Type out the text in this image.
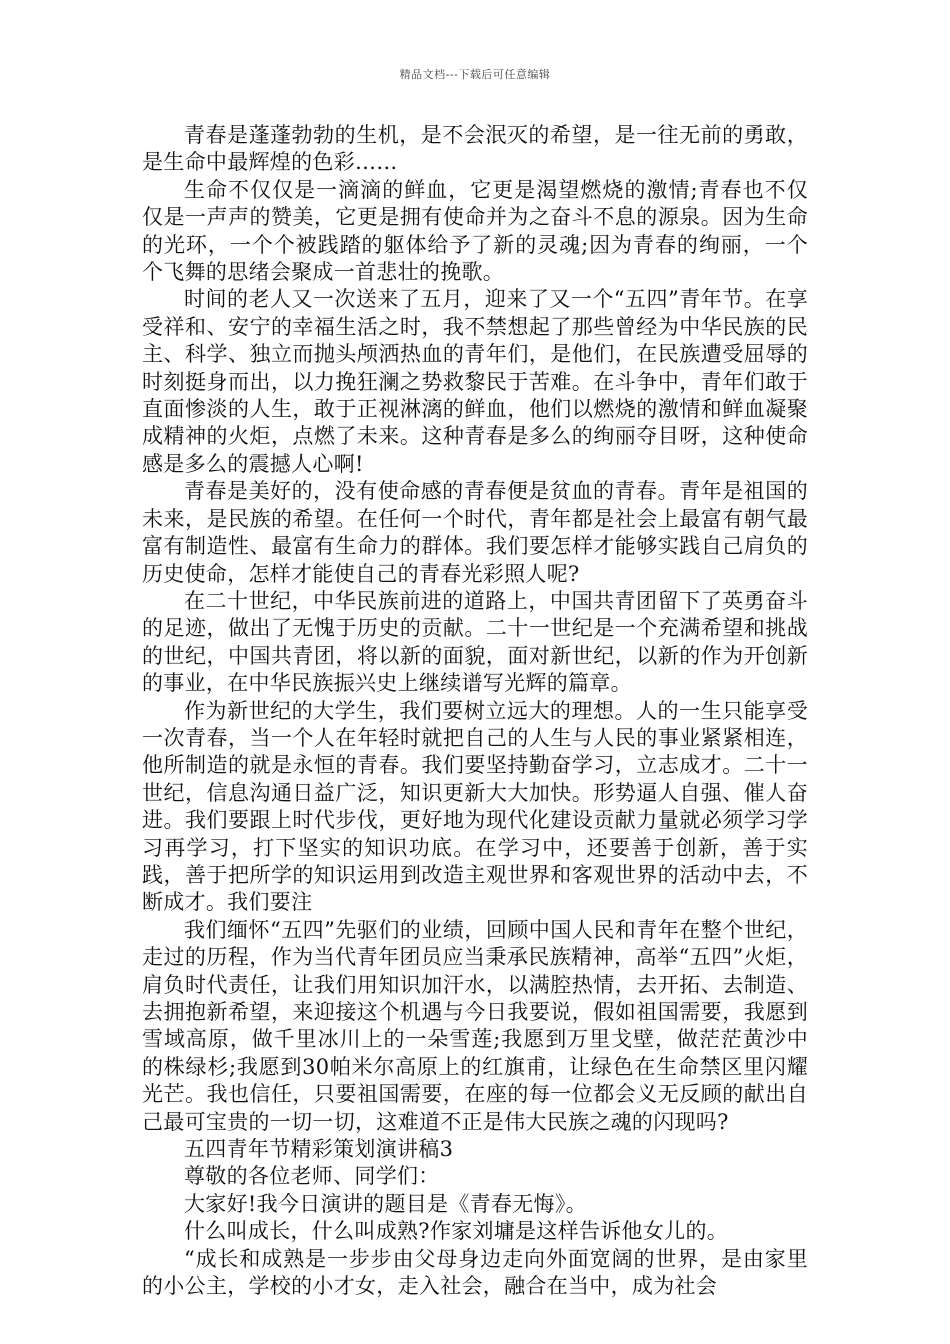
精品文档---下载后可任意编辑

青春是蓬蓬勃勃的生机，是不会泯灭的希望，是一往无前的勇敢，是生命中最辉煌的色彩……

生命不仅仅是一滴滴的鲜血，它更是渴望燃烧的激情;青春也不仅仅是一声声的赞美，它更是拥有使命并为之奋斗不息的源泉。因为生命的光环，一个个被践踏的躯体给予了新的灵魂;因为青春的绚丽，一个个飞舞的思绪会聚成一首悲壮的挽歌。

时间的老人又一次送来了五月，迎来了又一个“五四”青年节。在享受祥和、安宁的幸福生活之时，我不禁想起了那些曾经为中华民族的民主、科学、独立而抛头颅洒热血的青年们，是他们，在民族遭受屈辱的时刻挺身而出，以力挽狂澜之势救黎民于苦难。在斗争中，青年们敢于直面惨淡的人生，敢于正视淋漓的鲜血，他们以燃烧的激情和鲜血凝聚成精神的火炬，点燃了未来。这种青春是多么的绚丽夺目呀，这种使命感是多么的震撼人心啊!

青春是美好的，没有使命感的青春便是贫血的青春。青年是祖国的未来，是民族的希望。在任何一个时代，青年都是社会上最富有朝气最富有制造性、最富有生命力的群体。我们要怎样才能够实践自己肩负的历史使命，怎样才能使自己的青春光彩照人呢?

在二十世纪，中华民族前进的道路上，中国共青团留下了英勇奋斗的足迹，做出了无愧于历史的贡献。二十一世纪是一个充满希望和挑战的世纪，中国共青团，将以新的面貌，面对新世纪，以新的作为开创新的事业，在中华民族振兴史上继续谱写光辉的篇章。

作为新世纪的大学生，我们要树立远大的理想。人的一生只能享受一次青春，当一个人在年轻时就把自己的人生与人民的事业紧紧相连，他所制造的就是永恒的青春。我们要坚持勤奋学习，立志成才。二十一世纪，信息沟通日益广泛，知识更新大大加快。形势逼人自强、催人奋进。我们要跟上时代步伐，更好地为现代化建设贡献力量就必须学习学习再学习，打下坚实的知识功底。在学习中，还要善于创新，善于实践，善于把所学的知识运用到改造主观世界和客观世界的活动中去，不断成才。我们要注

我们缅怀“五四”先驱们的业绩，回顾中国人民和青年在整个世纪，走过的历程，作为当代青年团员应当秉承民族精神，高举“五四”火炬，肩负时代责任，让我们用知识加汗水，以满腔热情，去开拓、去制造、去拥抱新希望，来迎接这个机遇与今日我要说，假如祖国需要，我愿到雪域高原，做千里冰川上的一朵雪莲;我愿到万里戈壁，做茫茫黄沙中的株绿杉;我愿到30帕米尔高原上的红旗甫，让绿色在生命禁区里闪耀光芒。我也信任，只要祖国需要，在座的每一位都会义无反顾的献出自己最可宝贵的一切一切，这难道不正是伟大民族之魂的闪现吗?

五四青年节精彩策划演讲稿3

尊敬的各位老师、同学们：

大家好!我今日演讲的题目是《青春无悔》。

什么叫成长，什么叫成熟?作家刘墉是这样告诉他女儿的。

“成长和成熟是一步步由父母身边走向外面宽阔的世界，是由家里的小公主，学校的小才女，走入社会，融合在当中，成为社会
